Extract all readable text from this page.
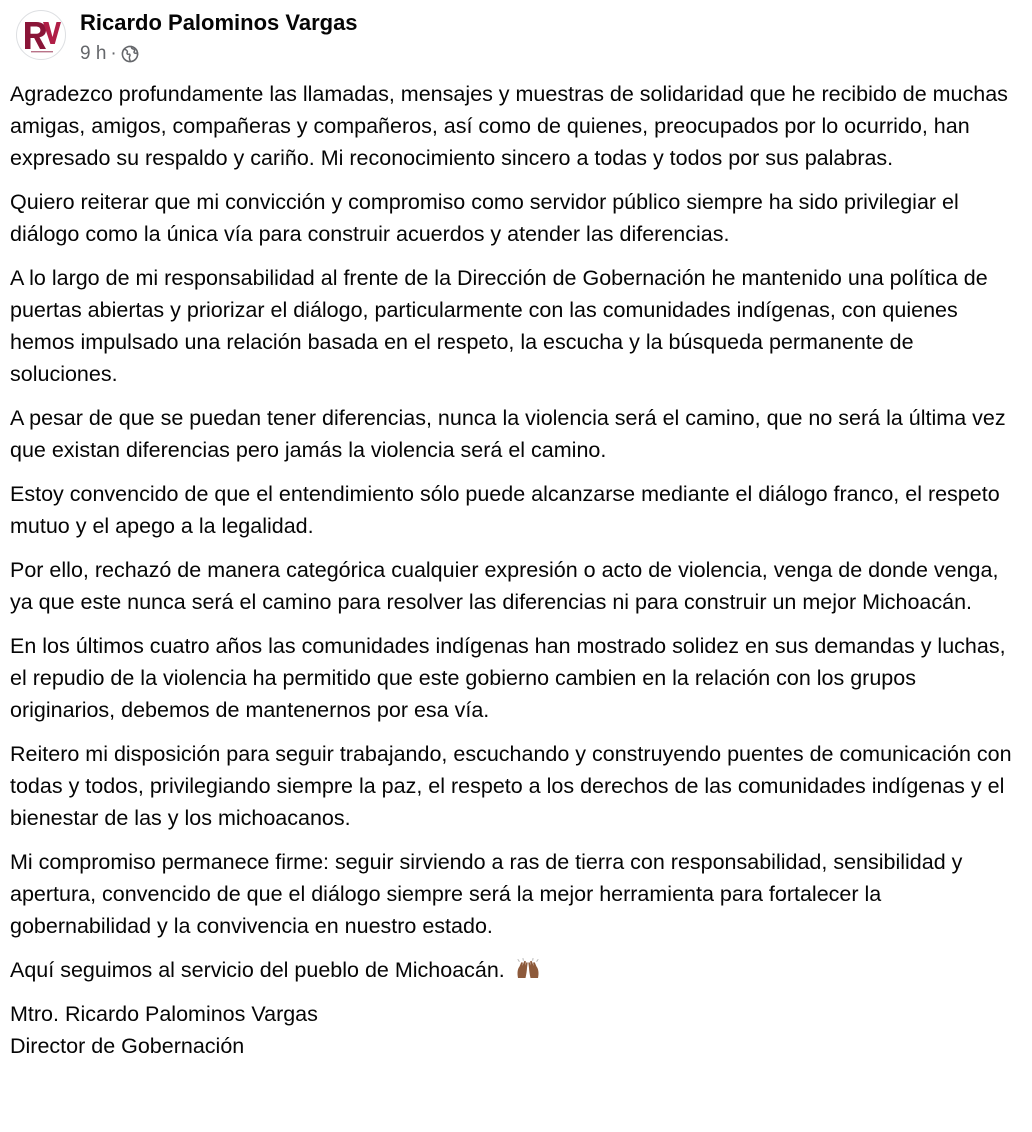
Ricardo Palominos Vargas
9 h ·

Agradezco profundamente las llamadas, mensajes y muestras de solidaridad que he recibido de muchas amigas, amigos, compañeras y compañeros, así como de quienes, preocupados por lo ocurrido, han expresado su respaldo y cariño. Mi reconocimiento sincero a todas y todos por sus palabras.

Quiero reiterar que mi convicción y compromiso como servidor público siempre ha sido privilegiar el diálogo como la única vía para construir acuerdos y atender las diferencias.

A lo largo de mi responsabilidad al frente de la Dirección de Gobernación he mantenido una política de puertas abiertas y priorizar el diálogo, particularmente con las comunidades indígenas, con quienes hemos impulsado una relación basada en el respeto, la escucha y la búsqueda permanente de soluciones.

A pesar de que se puedan tener diferencias, nunca la violencia será el camino, que no será la última vez que existan diferencias pero jamás la violencia será el camino.

Estoy convencido de que el entendimiento sólo puede alcanzarse mediante el diálogo franco, el respeto mutuo y el apego a la legalidad.

Por ello, rechazó de manera categórica cualquier expresión o acto de violencia, venga de donde venga, ya que este nunca será el camino para resolver las diferencias ni para construir un mejor Michoacán.

En los últimos cuatro años las comunidades indígenas han mostrado solidez en sus demandas y luchas, el repudio de la violencia ha permitido que este gobierno cambien en la relación con los grupos originarios, debemos de mantenernos por esa vía.

Reitero mi disposición para seguir trabajando, escuchando y construyendo puentes de comunicación con todas y todos, privilegiando siempre la paz, el respeto a los derechos de las comunidades indígenas y el bienestar de las y los michoacanos.

Mi compromiso permanece firme: seguir sirviendo a ras de tierra con responsabilidad, sensibilidad y apertura, convencido de que el diálogo siempre será la mejor herramienta para fortalecer la gobernabilidad y la convivencia en nuestro estado.

Aquí seguimos al servicio del pueblo de Michoacán.

Mtro. Ricardo Palominos Vargas

Director de Gobernación
